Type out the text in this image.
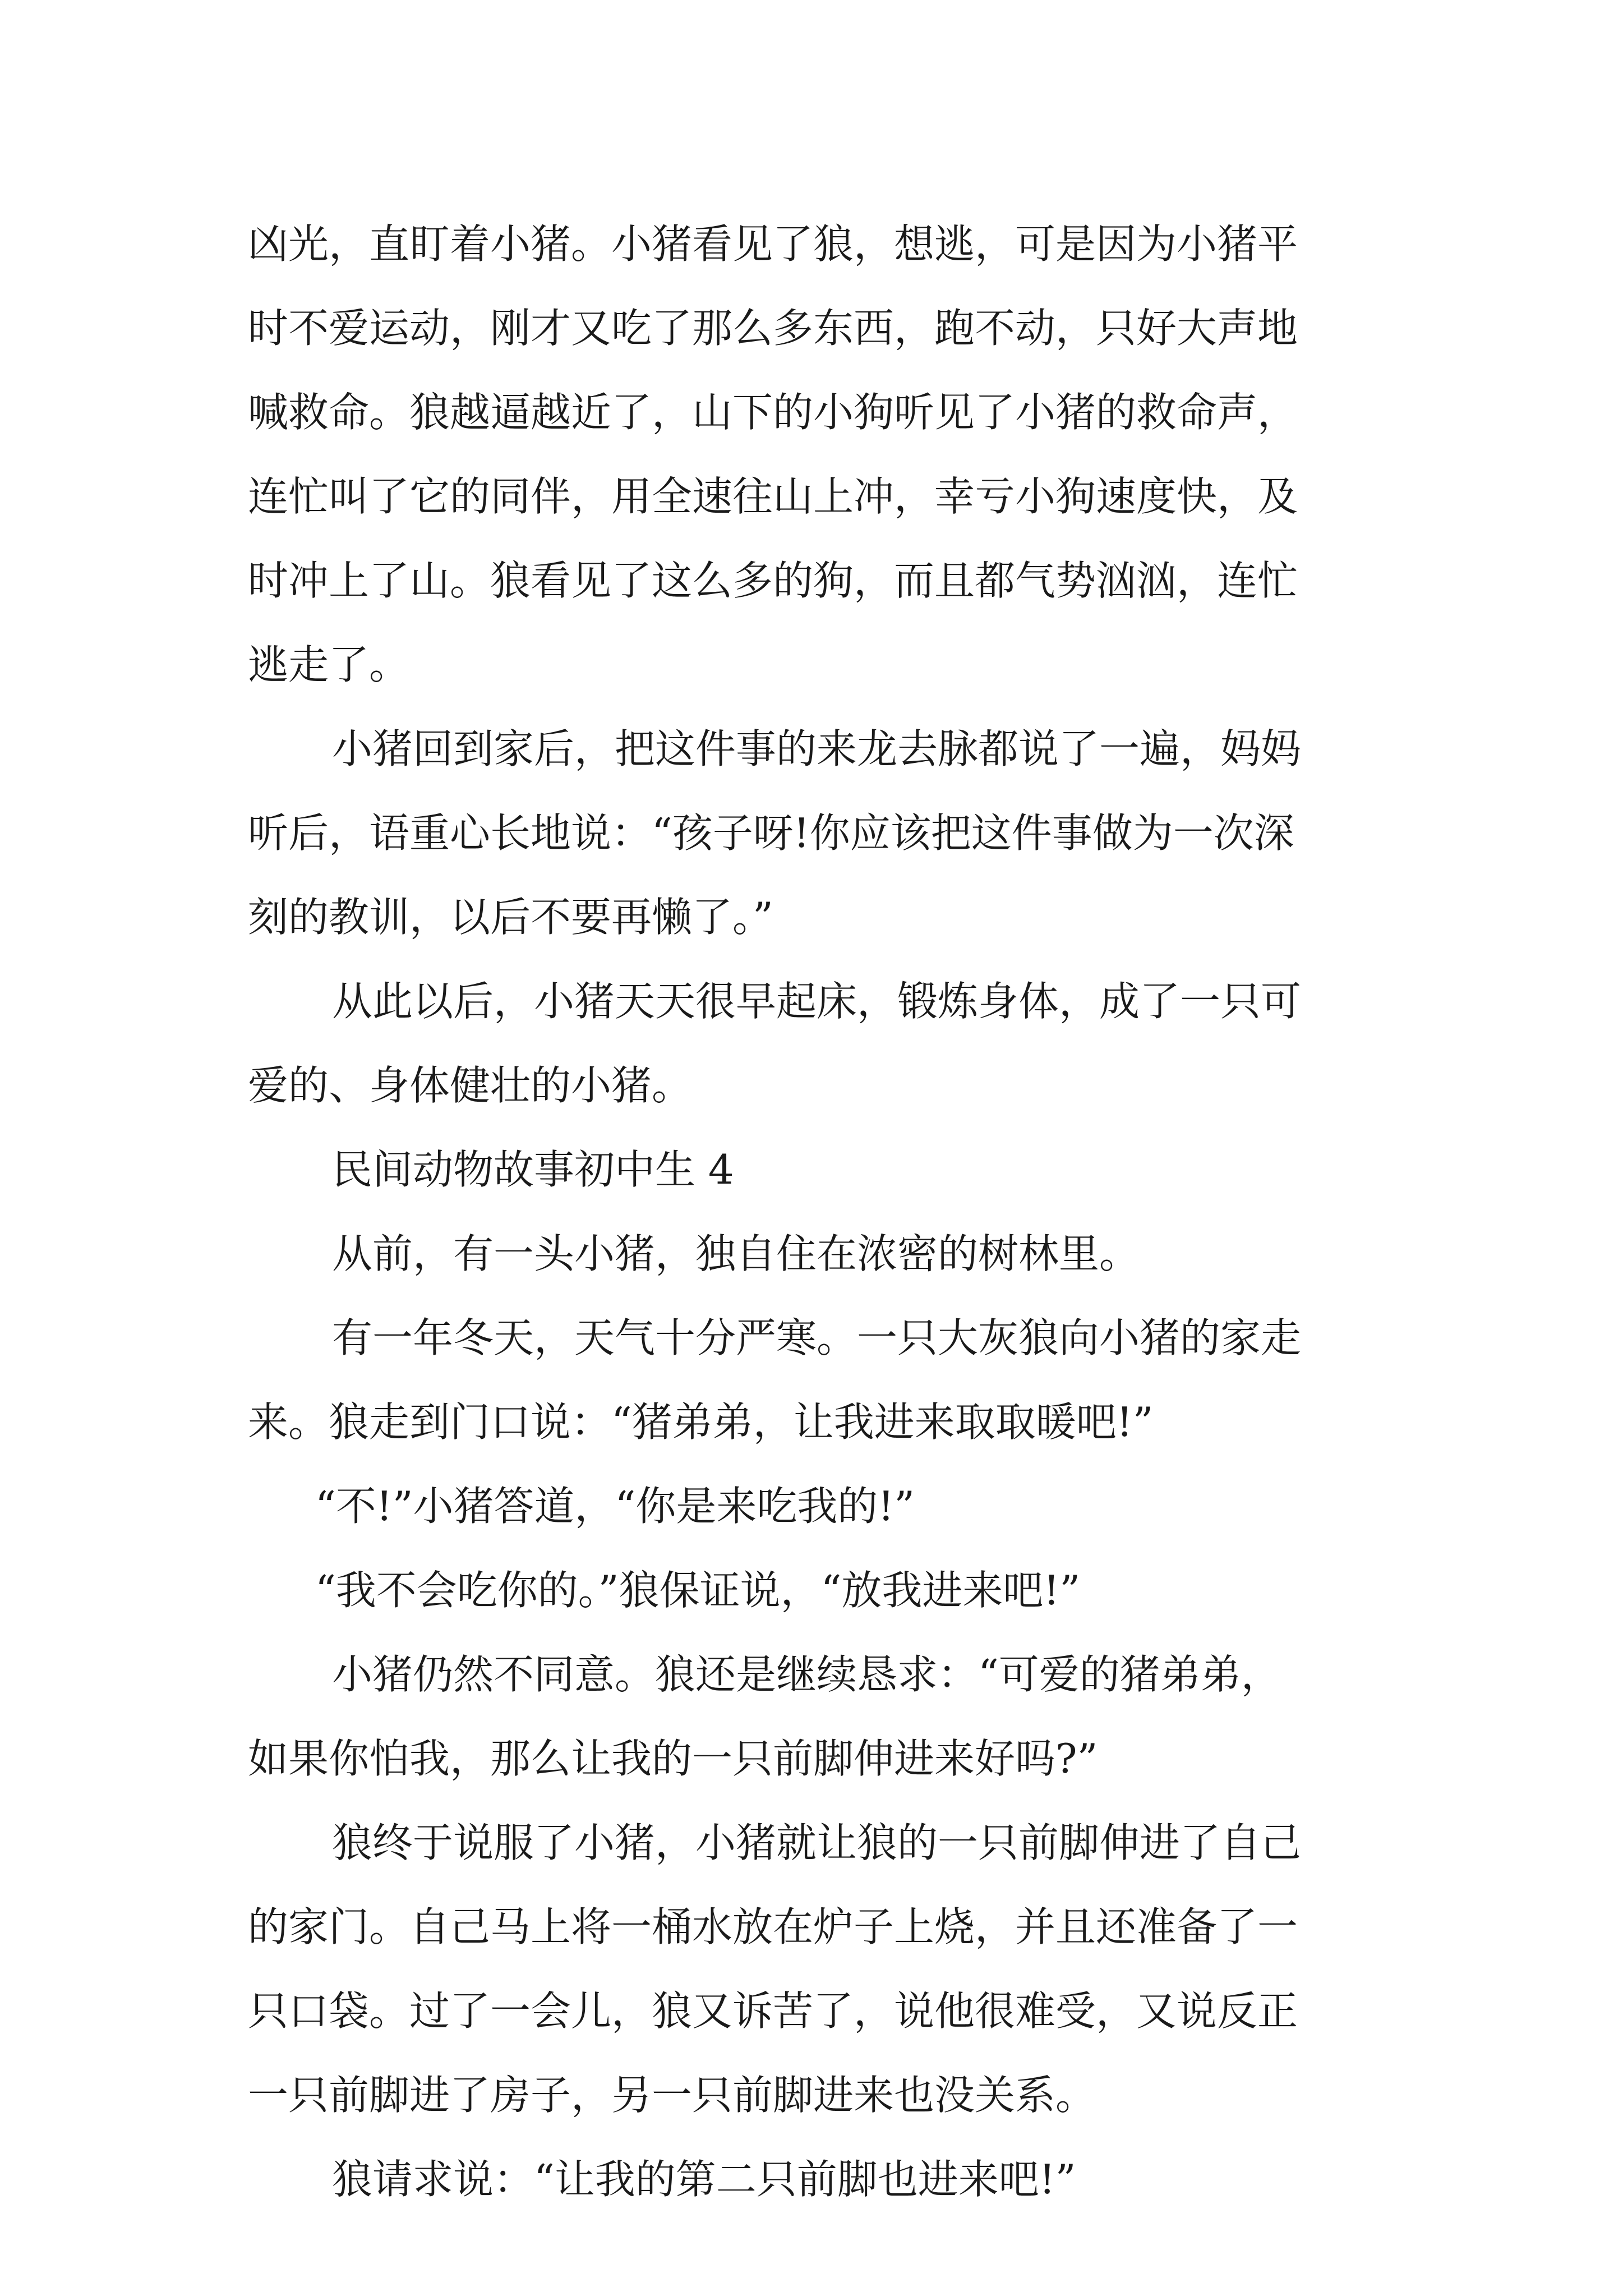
凶光，直盯着小猪。小猪看见了狼，想逃，可是因为小猪平
时不爱运动，刚才又吃了那么多东西，跑不动，只好大声地
喊救命。狼越逼越近了，山下的小狗听见了小猪的救命声，
连忙叫了它的同伴，用全速往山上冲，幸亏小狗速度快，及
时冲上了山。狼看见了这么多的狗，而且都气势汹汹，连忙
逃走了。
小猪回到家后，把这件事的来龙去脉都说了一遍，妈妈
听后，语重心长地说：“孩子呀!你应该把这件事做为一次深
刻的教训，以后不要再懒了。”
从此以后，小猪天天很早起床，锻炼身体，成了一只可
爱的、身体健壮的小猪。
民间动物故事初中生 4
从前，有一头小猪，独自住在浓密的树林里。
有一年冬天，天气十分严寒。一只大灰狼向小猪的家走
来。狼走到门口说：“猪弟弟，让我进来取取暖吧!”
“不!”小猪答道，“你是来吃我的!”
“我不会吃你的。”狼保证说，“放我进来吧!”
小猪仍然不同意。狼还是继续恳求：“可爱的猪弟弟，
如果你怕我，那么让我的一只前脚伸进来好吗?”
狼终于说服了小猪，小猪就让狼的一只前脚伸进了自己
的家门。自己马上将一桶水放在炉子上烧，并且还准备了一
只口袋。过了一会儿，狼又诉苦了，说他很难受，又说反正
一只前脚进了房子，另一只前脚进来也没关系。
狼请求说：“让我的第二只前脚也进来吧!”
